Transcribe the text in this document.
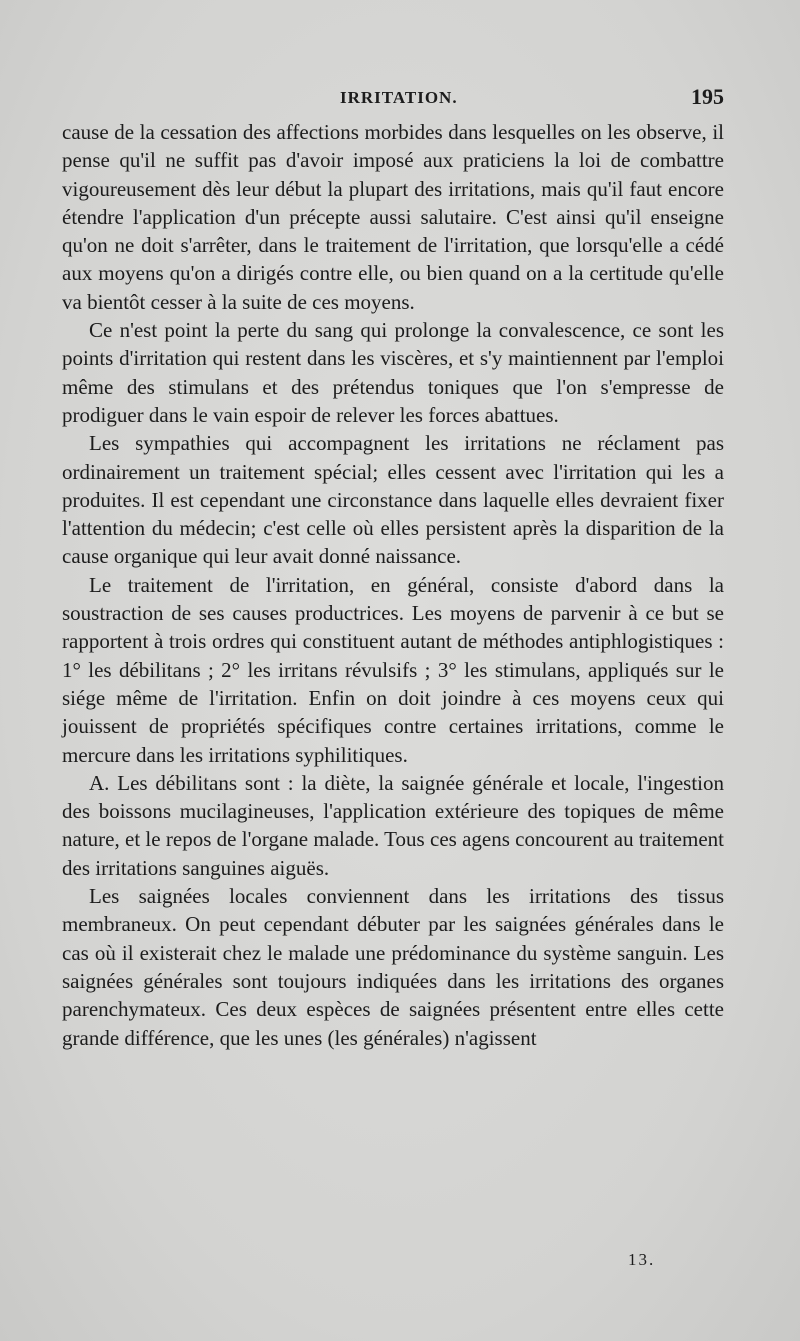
IRRITATION.	195

cause de la cessation des affections morbides dans lesquelles on les observe, il pense qu'il ne suffit pas d'avoir imposé aux praticiens la loi de combattre vigoureusement dès leur début la plupart des irritations, mais qu'il faut encore étendre l'application d'un précepte aussi salutaire. C'est ainsi qu'il enseigne qu'on ne doit s'arrêter, dans le traitement de l'irritation, que lorsqu'elle a cédé aux moyens qu'on a dirigés contre elle, ou bien quand on a la certitude qu'elle va bientôt cesser à la suite de ces moyens.

Ce n'est point la perte du sang qui prolonge la convalescence, ce sont les points d'irritation qui restent dans les viscères, et s'y maintiennent par l'emploi même des stimulans et des prétendus toniques que l'on s'empresse de prodiguer dans le vain espoir de relever les forces abattues.

Les sympathies qui accompagnent les irritations ne réclament pas ordinairement un traitement spécial; elles cessent avec l'irritation qui les a produites. Il est cependant une circonstance dans laquelle elles devraient fixer l'attention du médecin; c'est celle où elles persistent après la disparition de la cause organique qui leur avait donné naissance.

Le traitement de l'irritation, en général, consiste d'abord dans la soustraction de ses causes productrices. Les moyens de parvenir à ce but se rapportent à trois ordres qui constituent autant de méthodes antiphlogistiques : 1° les débilitans ; 2° les irritans révulsifs ; 3° les stimulans, appliqués sur le siége même de l'irritation. Enfin on doit joindre à ces moyens ceux qui jouissent de propriétés spécifiques contre certaines irritations, comme le mercure dans les irritations syphilitiques.

A. Les débilitans sont : la diète, la saignée générale et locale, l'ingestion des boissons mucilagineuses, l'application extérieure des topiques de même nature, et le repos de l'organe malade. Tous ces agens concourent au traitement des irritations sanguines aiguës.

Les saignées locales conviennent dans les irritations des tissus membraneux. On peut cependant débuter par les saignées générales dans le cas où il existerait chez le malade une prédominance du système sanguin. Les saignées générales sont toujours indiquées dans les irritations des organes parenchymateux. Ces deux espèces de saignées présentent entre elles cette grande différence, que les unes (les générales) n'agissent

13.
